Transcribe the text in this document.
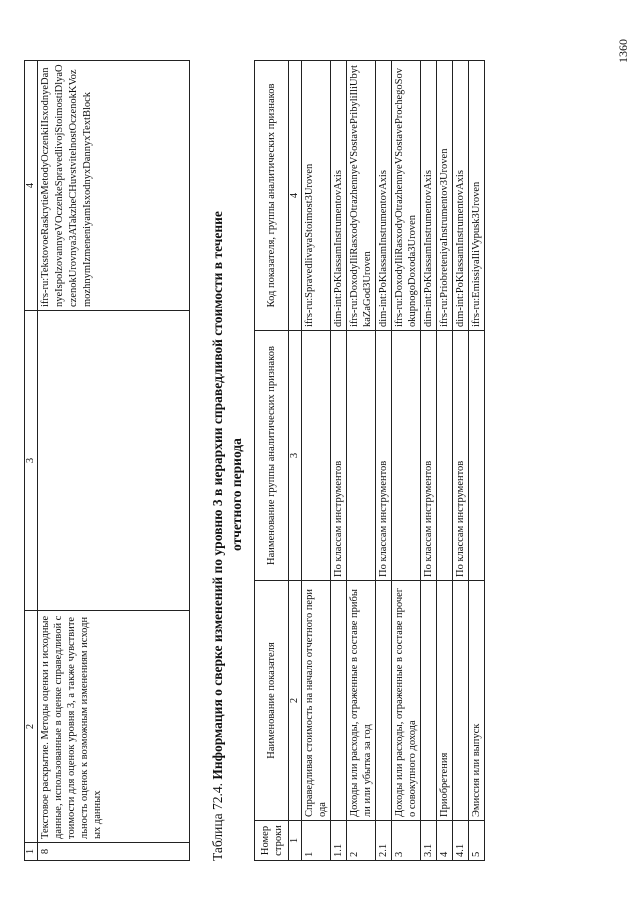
1	2	3	4
8	Текстовое раскрытие. Методы оценки и исходные данные, использованные в оценке справедливой стоимости для оценок уровня 3, а также чувствительность оценок к возможным изменениям исходных данных		ifrs-ru:TekstovoeRaskrytieMetodyOczenkiIIsxodnyeDannyeIspolzovannyeVOczenkeSpravedlivojStoimostiDlyaOczenokUrovnya3ATakzheCHuvstvitelnostOczenokKVozmozhnymIzmeneniyamIsxodnyxDannyxTextBlock
Таблица 72.4. Информация о сверке изменений по уровню 3 в иерархии справедливой стоимости в течение отчетного периода
Номер строки	Наименование показателя	Наименование группы аналитических признаков	Код показателя, группы аналитических признаков
1	2	3	4
1	Справедливая стоимость на начало отчетного периода		ifrs-ru:SpravedlivayaStoimost3Uroven
1.1		По классам инструментов	dim-int:PoKlassamInstrumentovAxis
2	Доходы или расходы, отраженные в составе прибыли или убытка за год		ifrs-ru:DoxodyIliRasxodyOtrazhennyeVSostavePribyliIliUbytkaZaGod3Uroven
2.1		По классам инструментов	dim-int:PoKlassamInstrumentovAxis
3	Доходы или расходы, отраженные в составе прочего совокупного дохода		ifrs-ru:DoxodyIliRasxodyOtrazhennyeVSostaveProchegoSovokupnogoDoxoda3Uroven
3.1		По классам инструментов	dim-int:PoKlassamInstrumentovAxis
4	Приобретения		ifrs-ru:PriobreteniyaInstrumentov3Uroven
4.1		По классам инструментов	dim-int:PoKlassamInstrumentovAxis
5	Эмиссия или выпуск		ifrs-ru:EmissiyaIliVypusk3Uroven
1360
